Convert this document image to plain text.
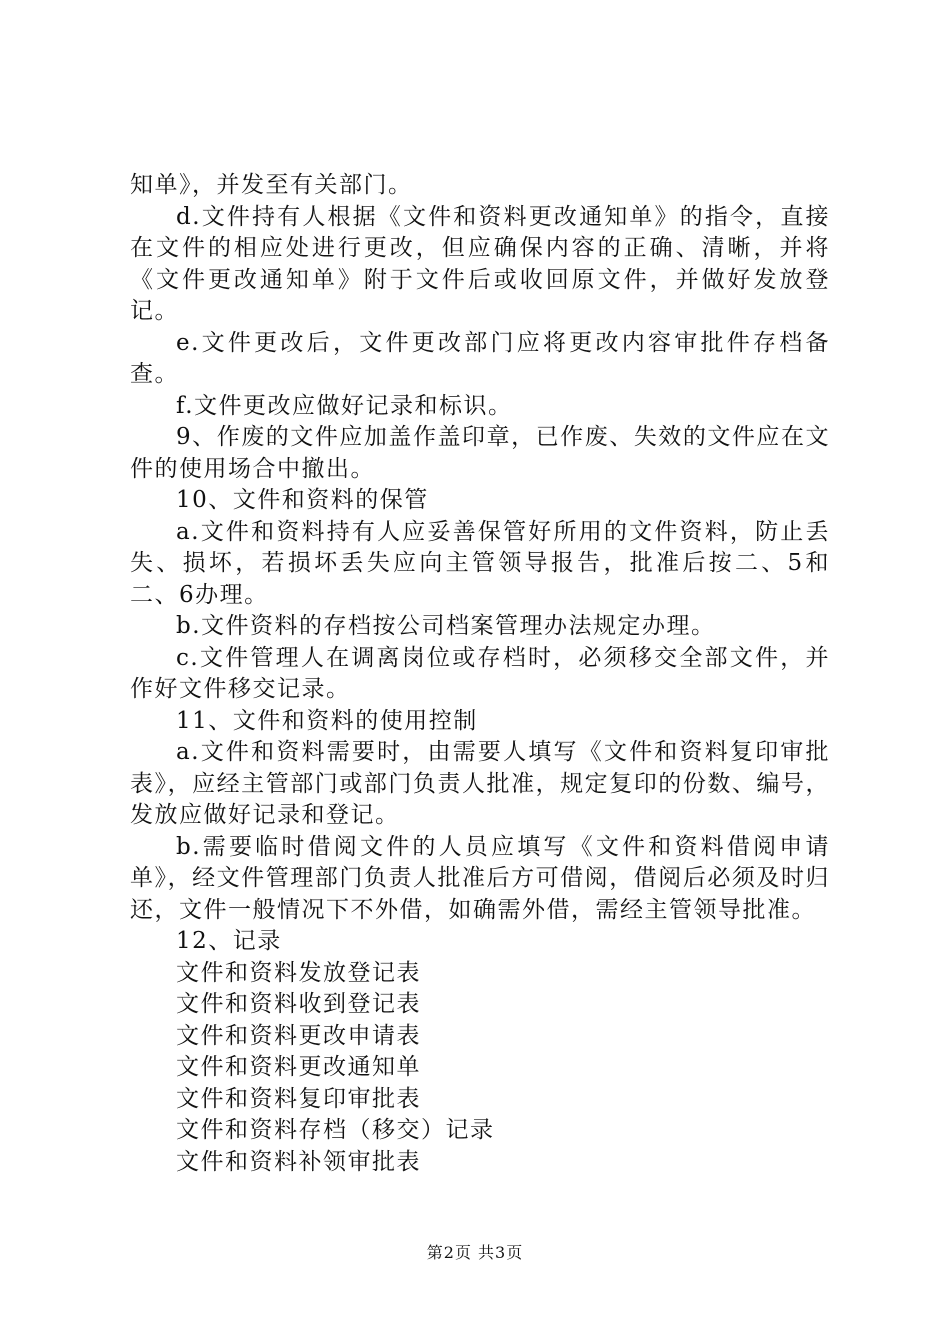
知单》，并发至有关部门。

d.文件持有人根据《文件和资料更改通知单》的指令，直接在文件的相应处进行更改，但应确保内容的正确、清晰，并将《文件更改通知单》附于文件后或收回原文件，并做好发放登记。

e.文件更改后，文件更改部门应将更改内容审批件存档备查。

f.文件更改应做好记录和标识。

9、作废的文件应加盖作盖印章，已作废、失效的文件应在文件的使用场合中撤出。

10、文件和资料的保管

a.文件和资料持有人应妥善保管好所用的文件资料，防止丢失、损坏，若损坏丢失应向主管领导报告，批准后按二、5和二、6办理。

b.文件资料的存档按公司档案管理办法规定办理。

c.文件管理人在调离岗位或存档时，必须移交全部文件，并作好文件移交记录。

11、文件和资料的使用控制

a.文件和资料需要时，由需要人填写《文件和资料复印审批表》，应经主管部门或部门负责人批准，规定复印的份数、编号，发放应做好记录和登记。

b.需要临时借阅文件的人员应填写《文件和资料借阅申请单》，经文件管理部门负责人批准后方可借阅，借阅后必须及时归还，文件一般情况下不外借，如确需外借，需经主管领导批准。

12、记录

文件和资料发放登记表

文件和资料收到登记表

文件和资料更改申请表

文件和资料更改通知单

文件和资料复印审批表

文件和资料存档（移交）记录

文件和资料补领审批表

第2页 共3页
